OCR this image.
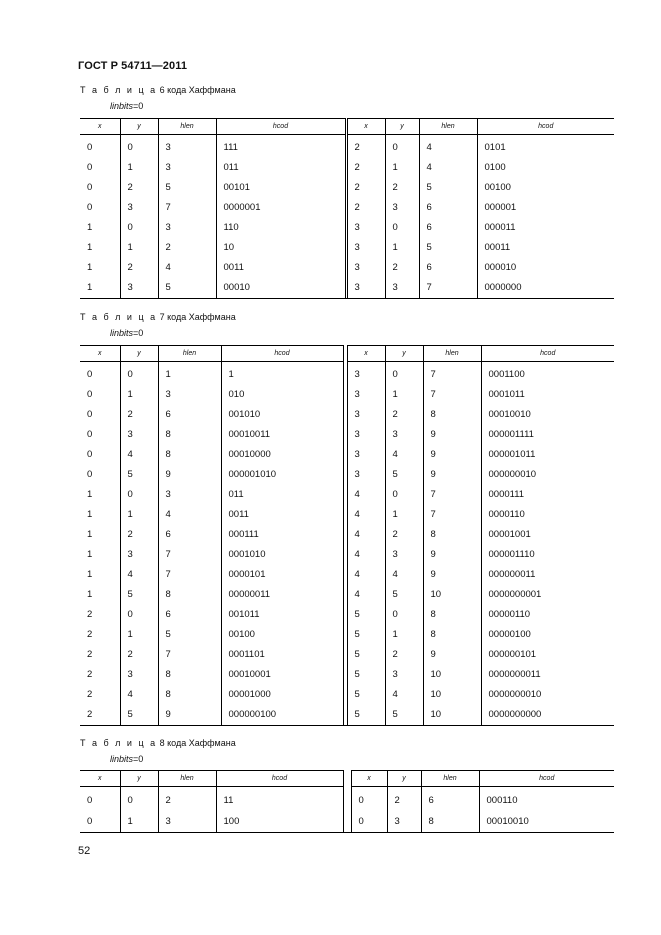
ГОСТ Р 54711—2011
Т а б л и ц а 6 кода Хаффмана
linbits=0
x	y	hlen	hcod		x	y	hlen	hcod
0	0	3	111		2	0	4	0101
0	1	3	011		2	1	4	0100
0	2	5	00101		2	2	5	00100
0	3	7	0000001		2	3	6	000001
1	0	3	110		3	0	6	000011
1	1	2	10		3	1	5	00011
1	2	4	0011		3	2	6	000010
1	3	5	00010		3	3	7	0000000
Т а б л и ц а 7 кода Хаффмана
linbits=0
x	y	hlen	hcod		x	y	hlen	hcod
0	0	1	1		3	0	7	0001100
0	1	3	010		3	1	7	0001011
0	2	6	001010		3	2	8	00010010
0	3	8	00010011		3	3	9	000001111
0	4	8	00010000		3	4	9	000001011
0	5	9	000001010		3	5	9	000000010
1	0	3	011		4	0	7	0000111
1	1	4	0011		4	1	7	0000110
1	2	6	000111		4	2	8	00001001
1	3	7	0001010		4	3	9	000001110
1	4	7	0000101		4	4	9	000000011
1	5	8	00000011		4	5	10	0000000001
2	0	6	001011		5	0	8	00000110
2	1	5	00100		5	1	8	00000100
2	2	7	0001101		5	2	9	000000101
2	3	8	00010001		5	3	10	0000000011
2	4	8	00001000		5	4	10	0000000010
2	5	9	000000100		5	5	10	0000000000
Т а б л и ц а 8 кода Хаффмана
linbits=0
x	y	hlen	hcod		x	y	hlen	hcod
0	0	2	11		0	2	6	000110
0	1	3	100		0	3	8	00010010
52
